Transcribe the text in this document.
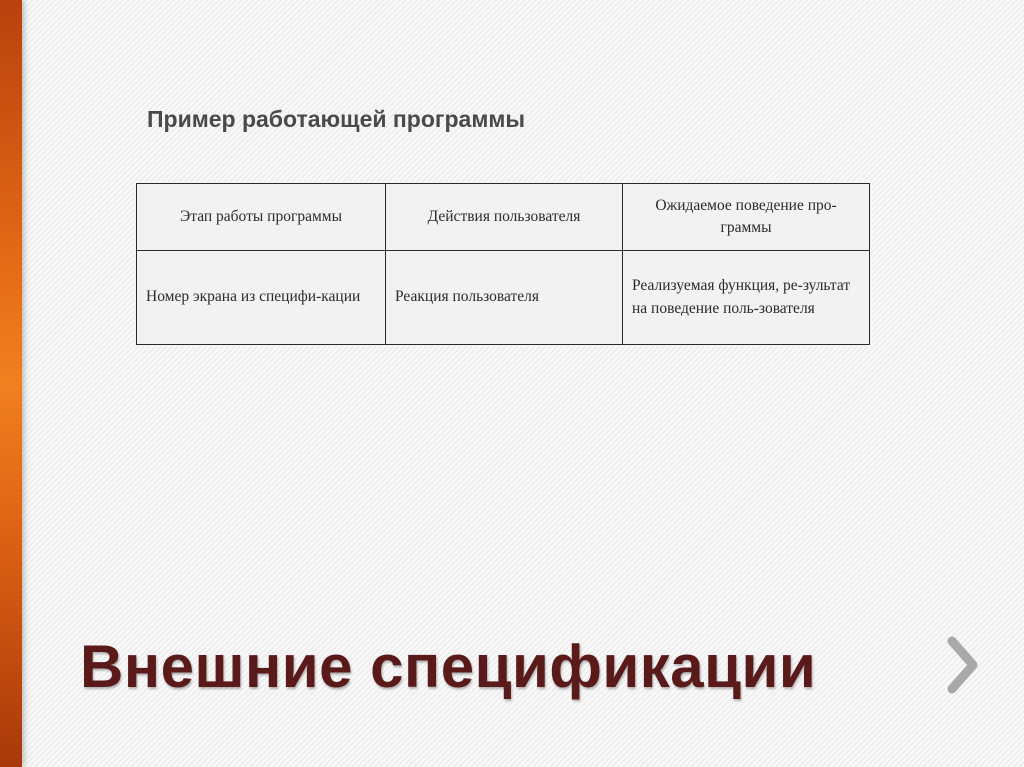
Пример работающей программы
Этап работы программы	Действия пользователя	Ожидаемое поведение про-граммы
Номер экрана из специфи-кации	Реакция пользователя	Реализуемая функция, ре-зультат на поведение поль-зователя
Внешние спецификации
